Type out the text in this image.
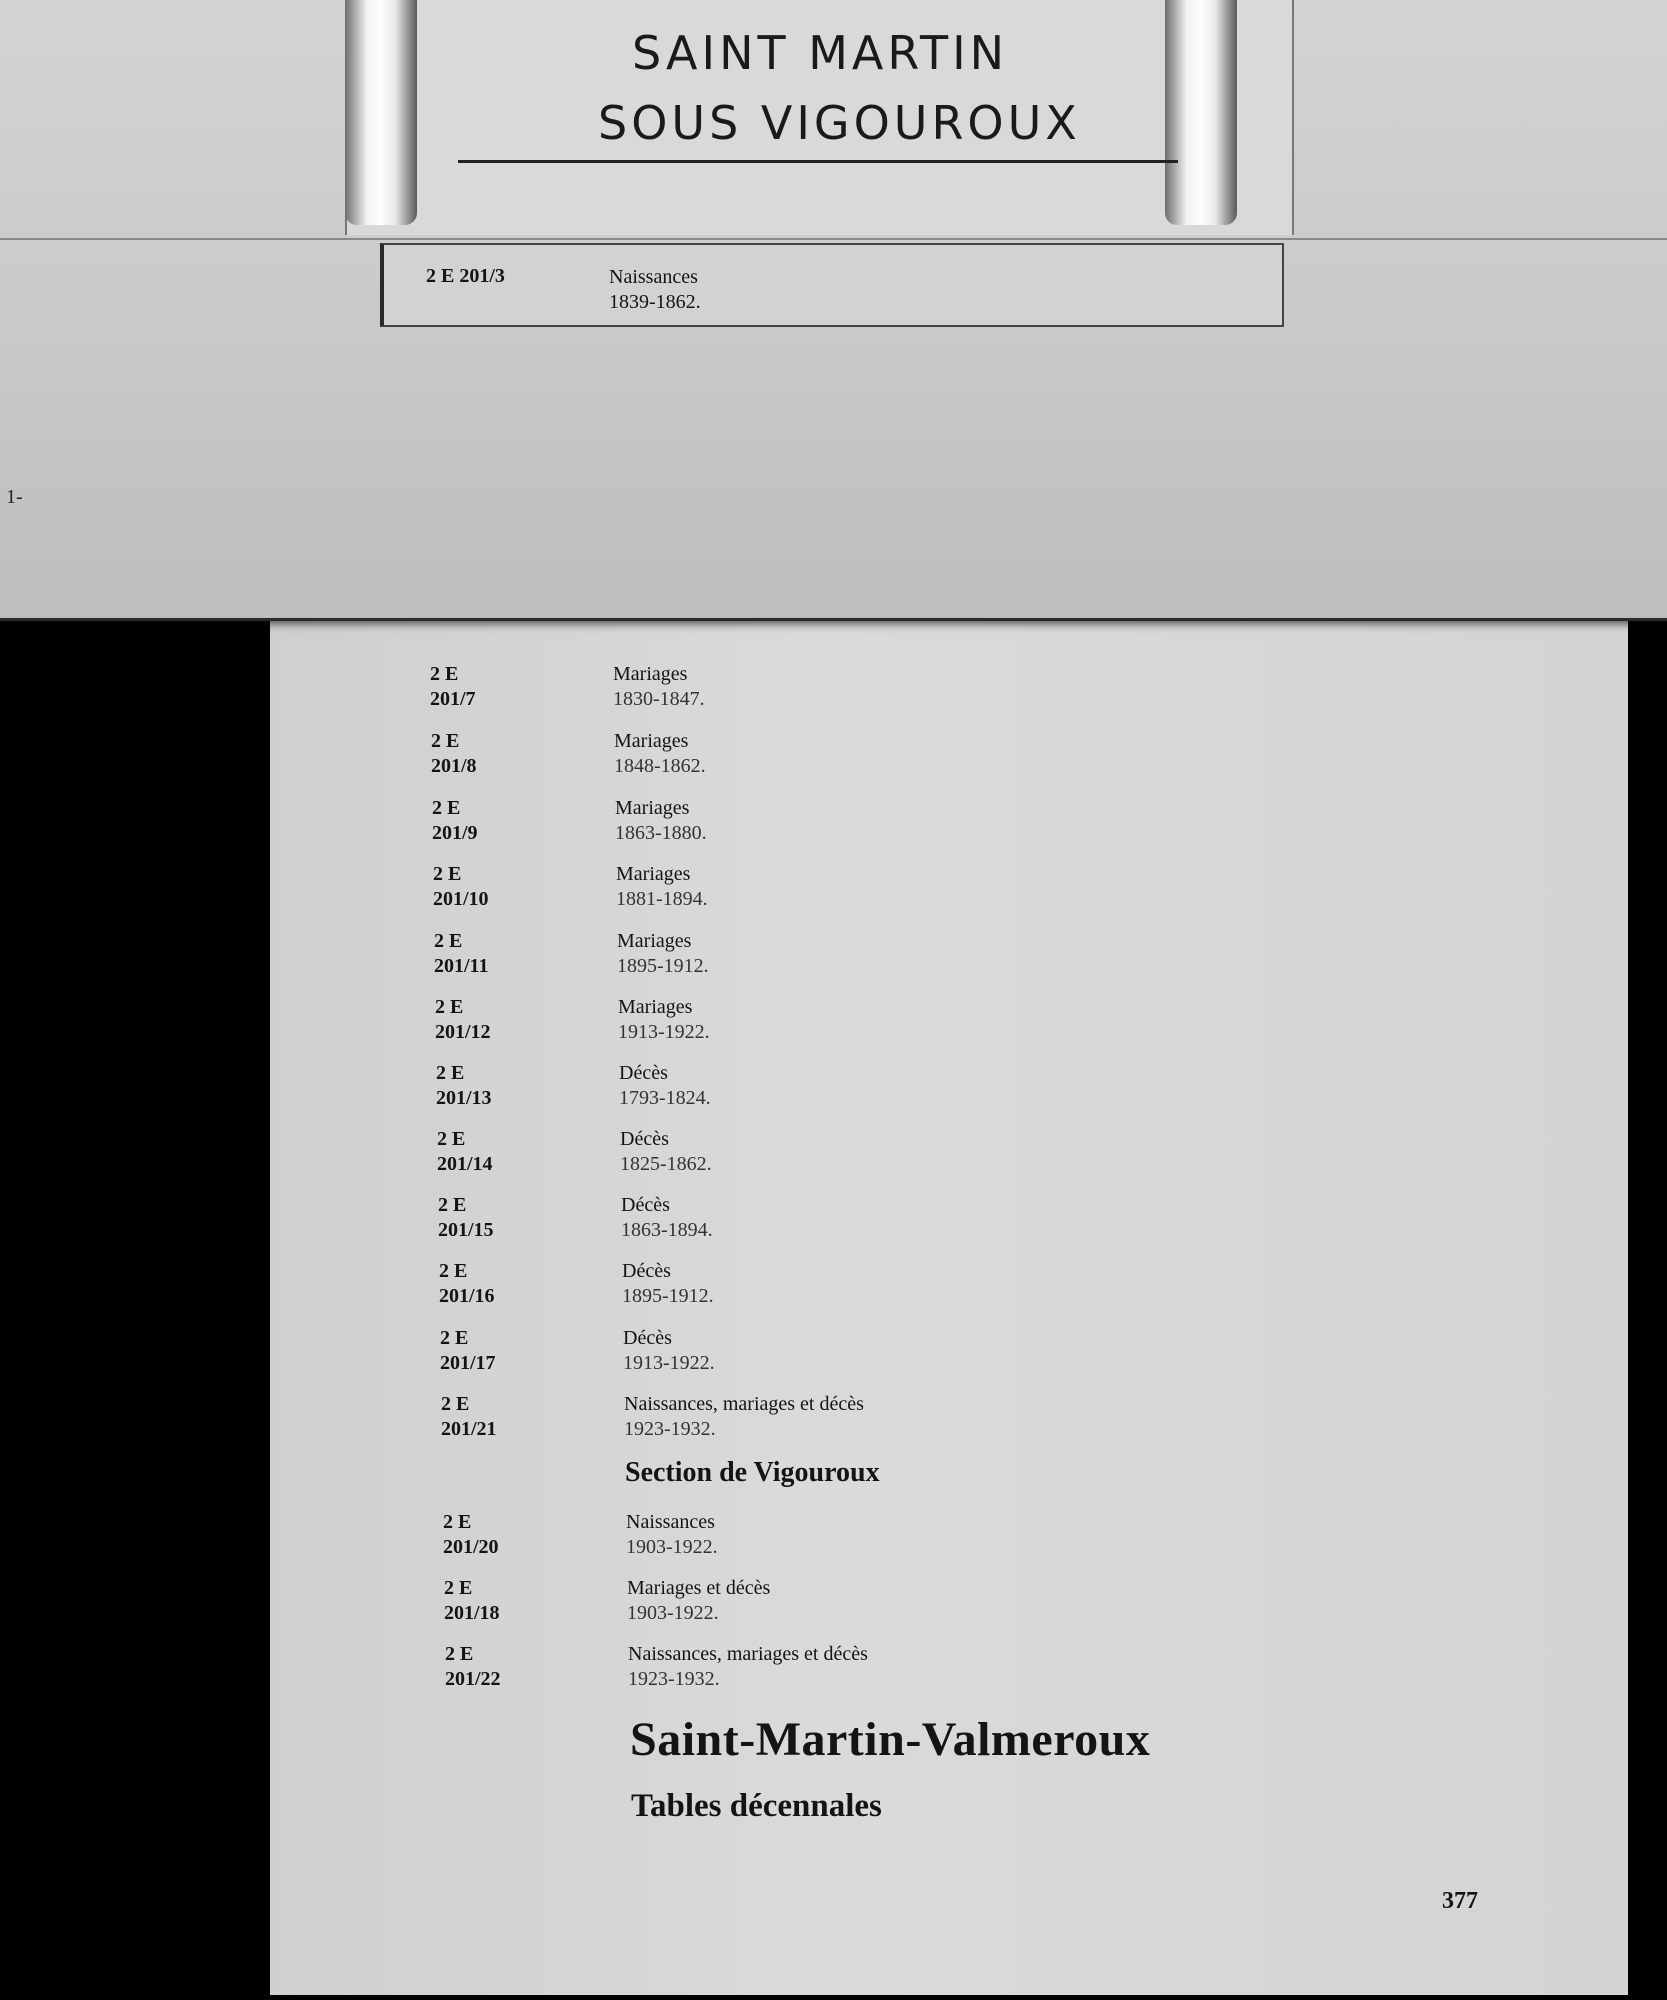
2 E 201/7
Mariages
1830-1847.
2 E 201/8
Mariages
1848-1862.
2 E 201/9
Mariages
1863-1880.
2 E 201/10
Mariages
1881-1894.
2 E 201/11
Mariages
1895-1912.
2 E 201/12
Mariages
1913-1922.
2 E 201/13
Décès
1793-1824.
2 E 201/14
Décès
1825-1862.
2 E 201/15
Décès
1863-1894.
2 E 201/16
Décès
1895-1912.
2 E 201/17
Décès
1913-1922.
2 E 201/21
Naissances, mariages et décès
1923-1932.
Section de Vigouroux
2 E 201/20
Naissances
1903-1922.
2 E 201/18
Mariages et décès
1903-1922.
2 E 201/22
Naissances, mariages et décès
1923-1932.
Saint-Martin-Valmeroux
Tables décennales
377
SAINT MARTIN
SOUS VIGOUROUX
2 E 201/3	Naissances
1839-1862.
1-
